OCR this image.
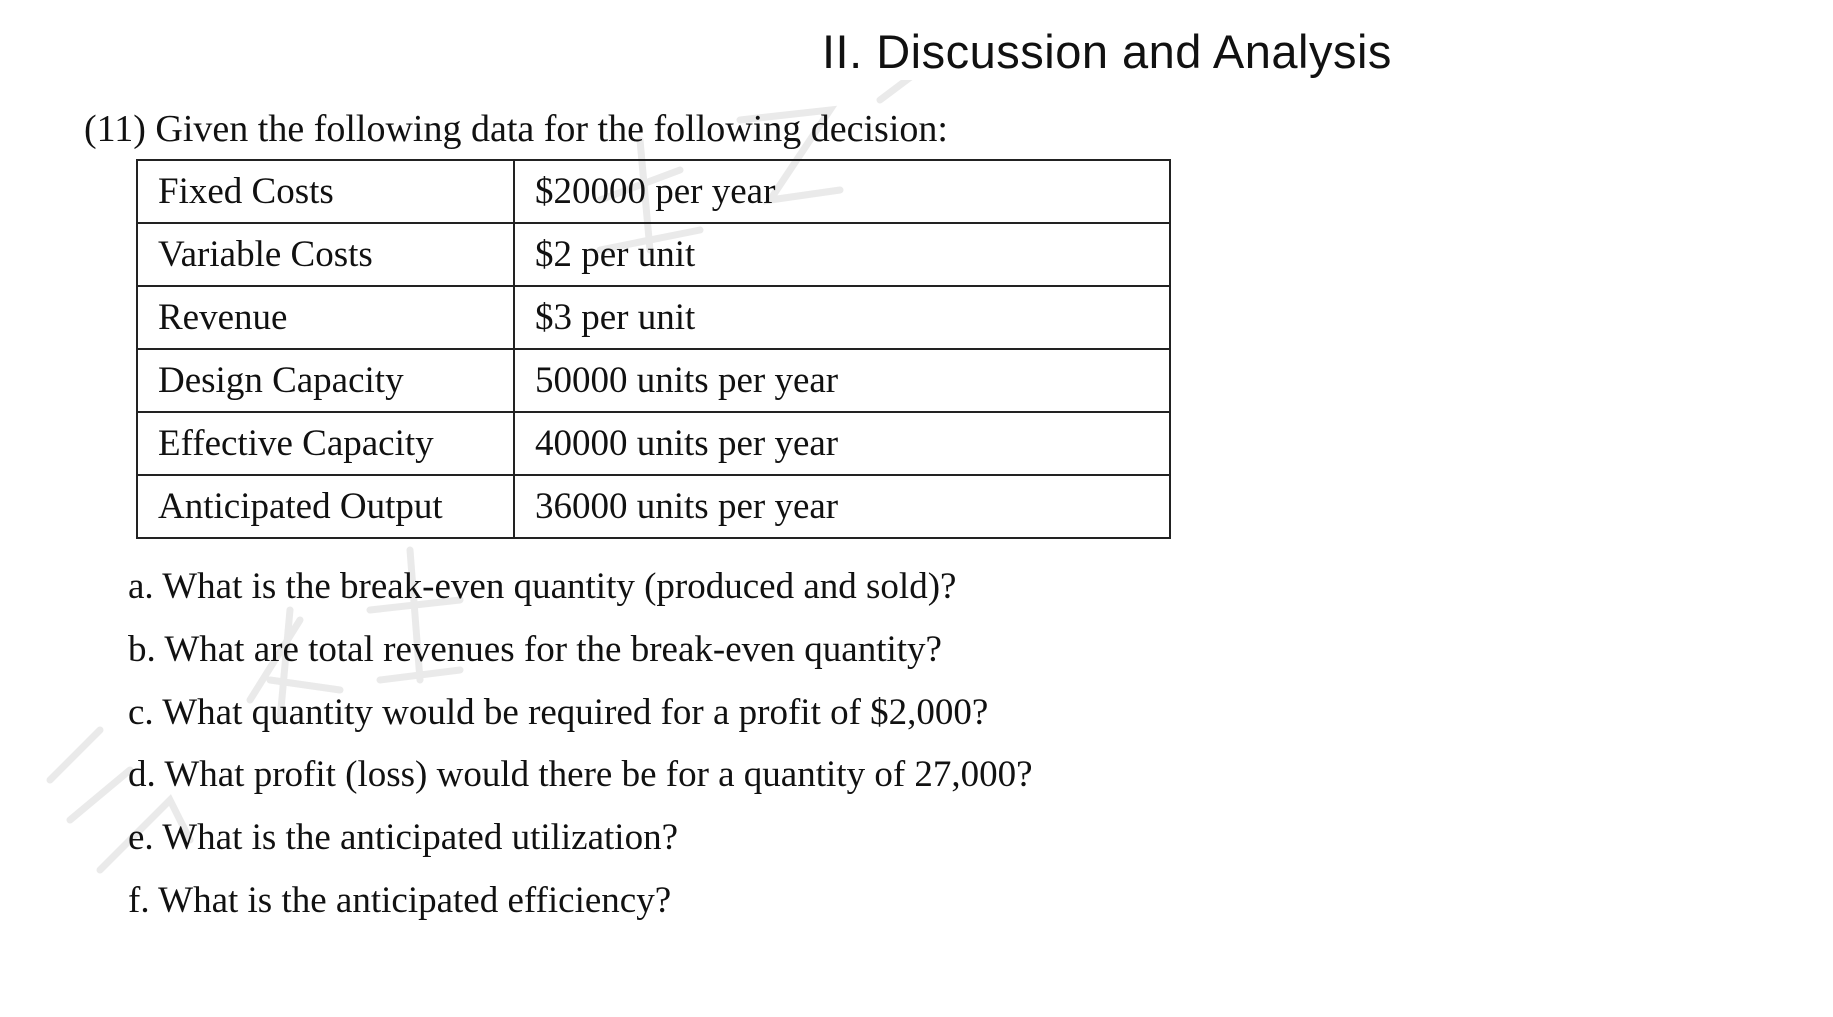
II. Discussion and Analysis

(11) Given the following data for the following decision:

Fixed Costs	$20000 per year
Variable Costs	$2 per unit
Revenue	$3 per unit
Design Capacity	50000 units per year
Effective Capacity	40000 units per year
Anticipated Output	36000 units per year
a. What is the break-even quantity (produced and sold)?
b. What are total revenues for the break-even quantity?
c. What quantity would be required for a profit of $2,000?
d. What profit (loss) would there be for a quantity of 27,000?
e. What is the anticipated utilization?
f. What is the anticipated efficiency?
